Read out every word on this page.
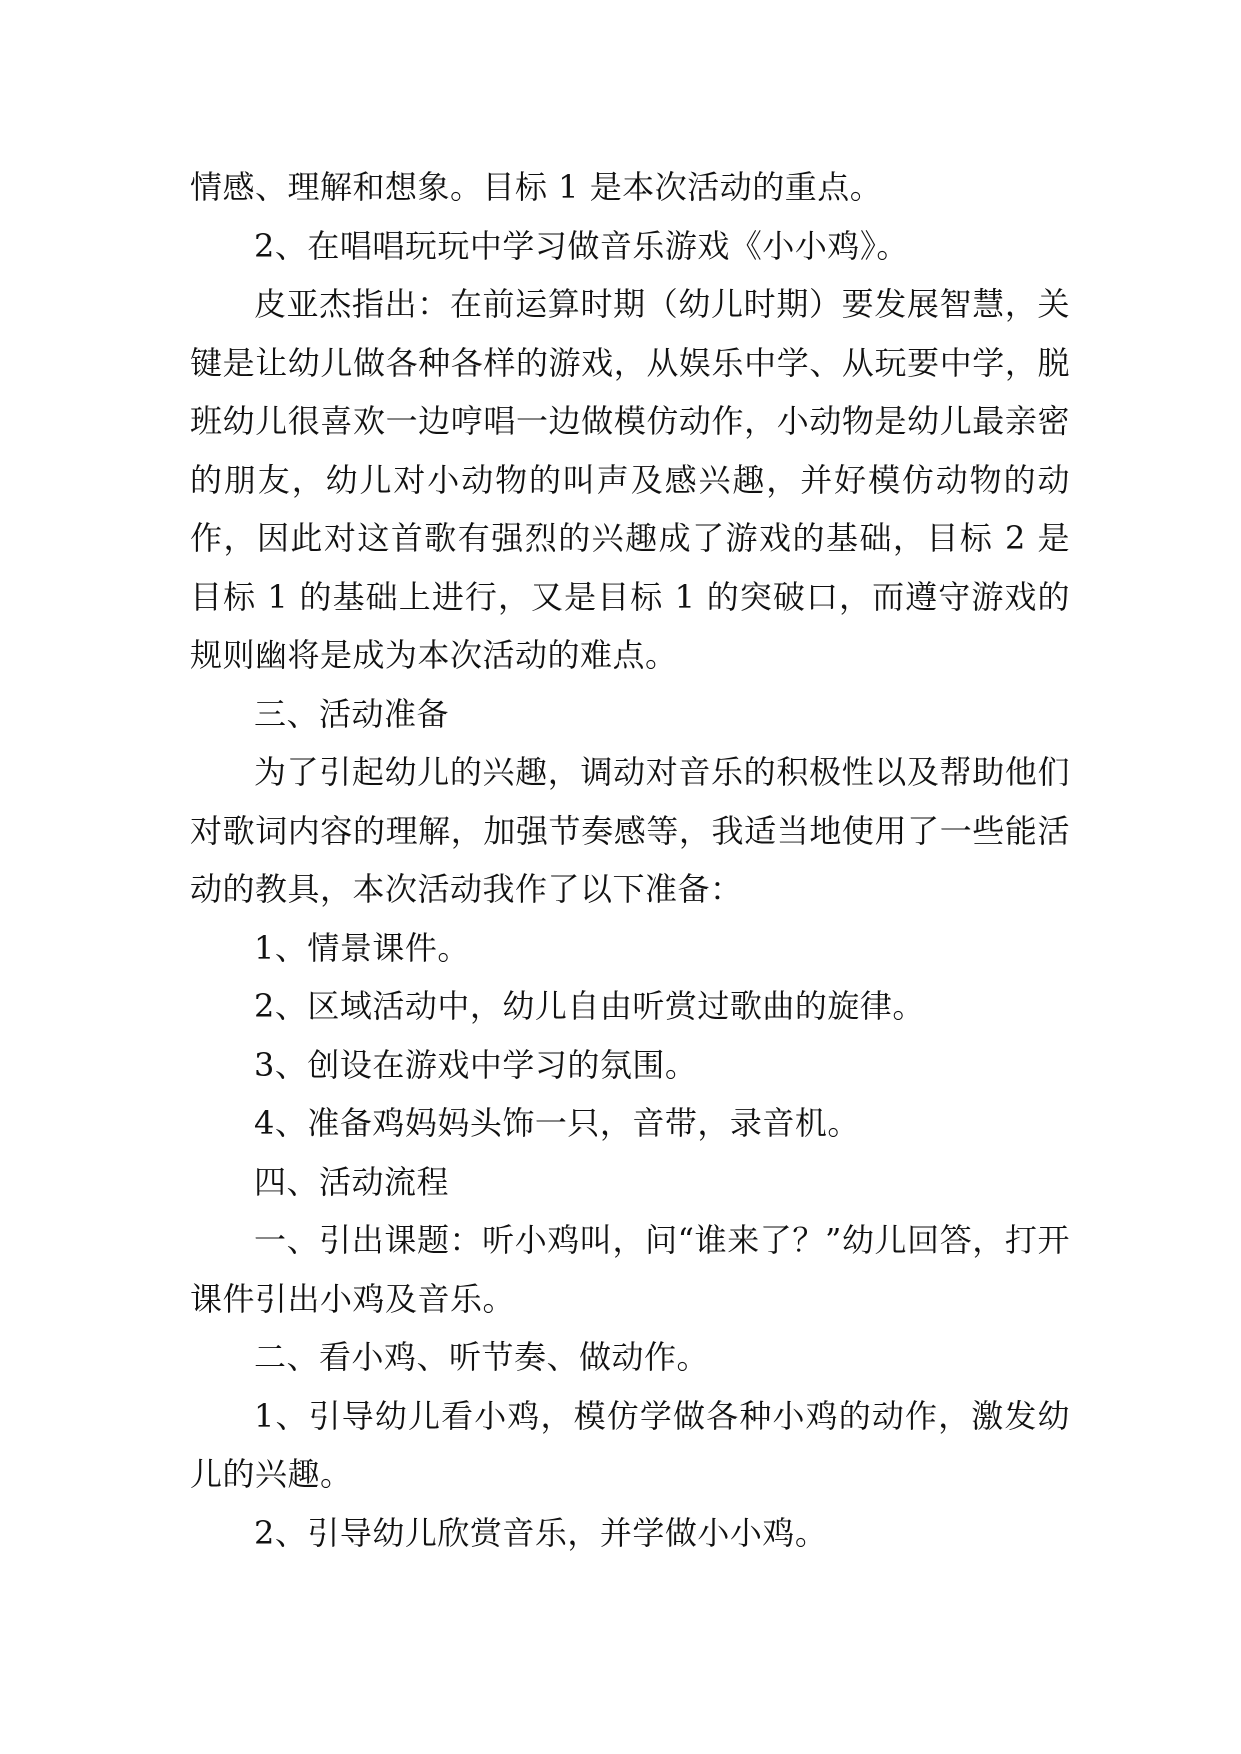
情感、理解和想象。目标 1 是本次活动的重点。

2、在唱唱玩玩中学习做音乐游戏《小小鸡》。

皮亚杰指出：在前运算时期（幼儿时期）要发展智慧，关键是让幼儿做各种各样的游戏，从娱乐中学、从玩要中学，脱班幼儿很喜欢一边哼唱一边做模仿动作，小动物是幼儿最亲密的朋友，幼儿对小动物的叫声及感兴趣，并好模仿动物的动作，因此对这首歌有强烈的兴趣成了游戏的基础，目标 2 是目标 1 的基础上进行，又是目标 1 的突破口，而遵守游戏的规则幽将是成为本次活动的难点。

三、活动准备

为了引起幼儿的兴趣，调动对音乐的积极性以及帮助他们对歌词内容的理解，加强节奏感等，我适当地使用了一些能活动的教具，本次活动我作了以下准备：

1、情景课件。

2、区域活动中，幼儿自由听赏过歌曲的旋律。

3、创设在游戏中学习的氛围。

4、准备鸡妈妈头饰一只，音带，录音机。

四、活动流程

一、引出课题：听小鸡叫，问“谁来了？”幼儿回答，打开课件引出小鸡及音乐。

二、看小鸡、听节奏、做动作。

1、引导幼儿看小鸡，模仿学做各种小鸡的动作，激发幼儿的兴趣。

2、引导幼儿欣赏音乐，并学做小小鸡。
